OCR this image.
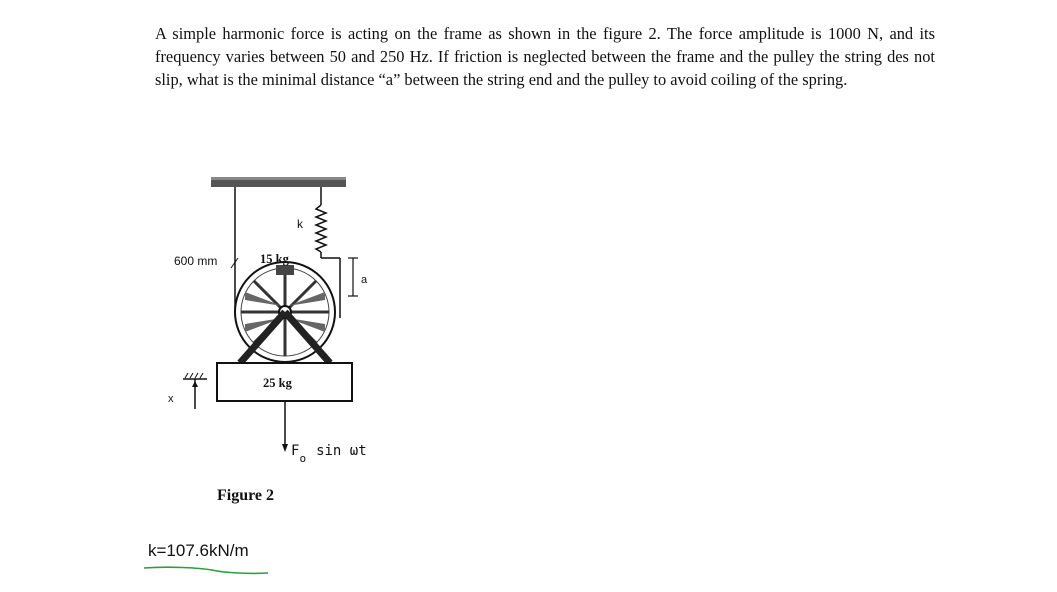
A simple harmonic force is acting on the frame as shown in the figure 2. The force amplitude is 1000 N, and its frequency varies between 50 and 250 Hz. If friction is neglected between the frame and the pulley the string des not slip, what is the minimal distance “a” between the string end and the pulley to avoid coiling of the spring.

k
a
15 kg
600 mm
25 kg
x
$F_o$ sin ωt
Figure 2
k=107.6kN/m
